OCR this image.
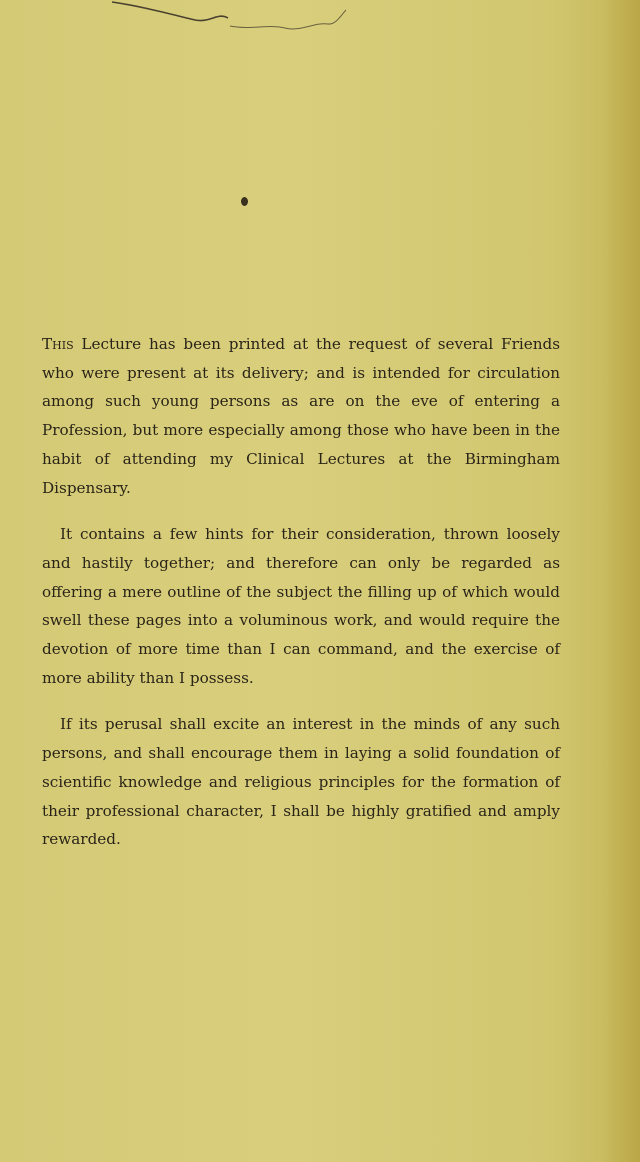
This Lecture has been printed at the request of several Friends who were present at its delivery; and is intended for circulation among such young persons as are on the eve of entering a Profession, but more especially among those who have been in the habit of attending my Clinical Lectures at the Birmingham Dispensary.

It contains a few hints for their consideration, thrown loosely and hastily together; and therefore can only be regarded as offering a mere outline of the subject the filling up of which would swell these pages into a voluminous work, and would require the devotion of more time than I can command, and the exercise of more ability than I possess.

If its perusal shall excite an interest in the minds of any such persons, and shall encourage them in laying a solid foundation of scientific knowledge and religious principles for the formation of their professional character, I shall be highly gratified and amply rewarded.
